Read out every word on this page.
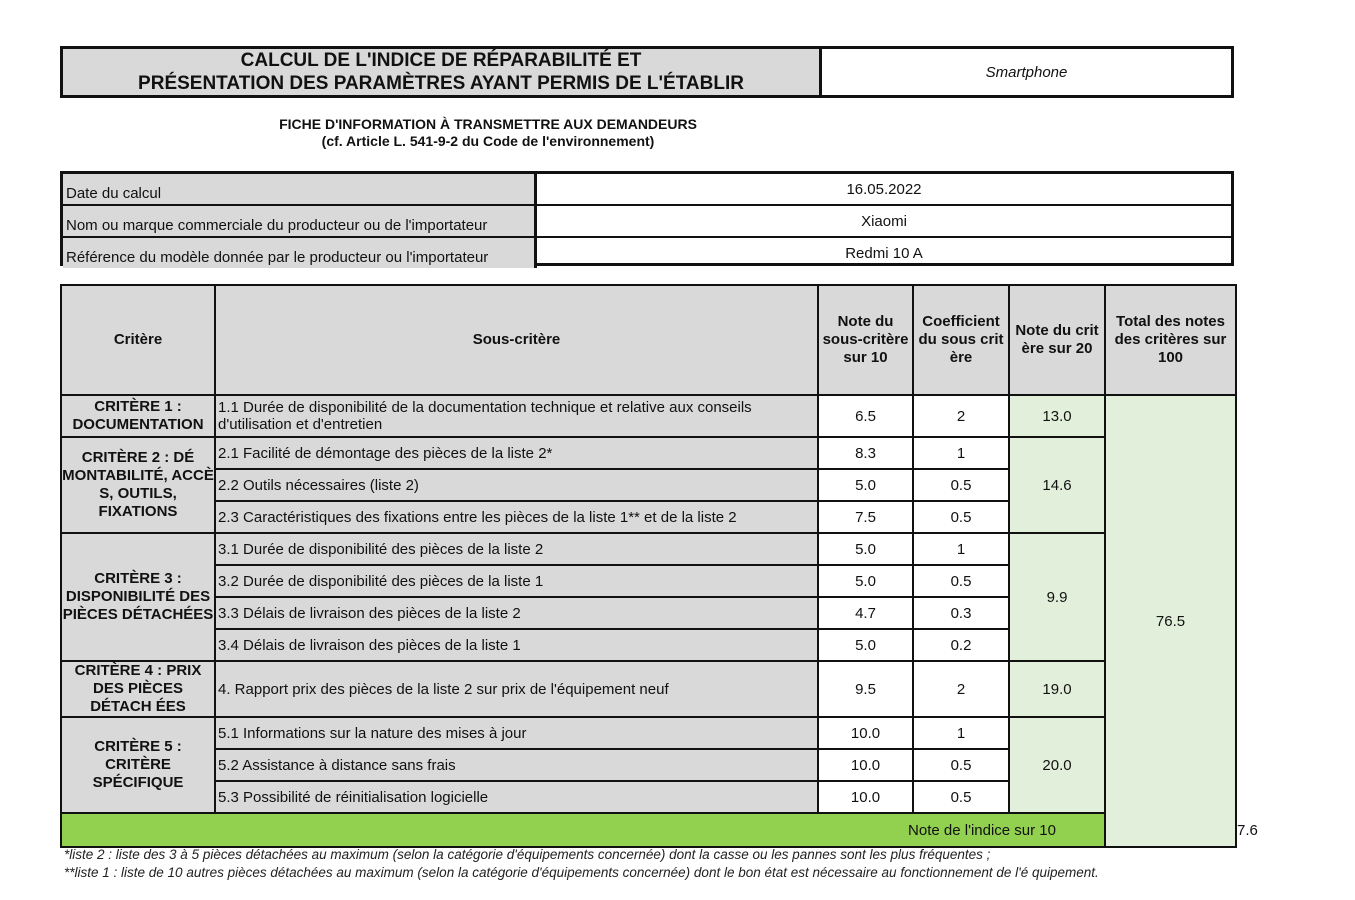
CALCUL DE L'INDICE DE RÉPARABILITÉ ET
PRÉSENTATION DES PARAMÈTRES AYANT PERMIS DE L'ÉTABLIR
Smartphone
FICHE D'INFORMATION À TRANSMETTRE AUX DEMANDEURS
(cf. Article L. 541-9-2 du Code de l'environnement)
Date du calcul	16.05.2022
Nom ou marque commerciale du producteur ou de l'importateur	Xiaomi
Référence du modèle donnée par le producteur ou l'importateur	Redmi 10 A
Critère	Sous-critère	Note du sous-critère sur 10	Coefficient du sous crit ère	Note du crit ère sur 20	Total des notes des critères sur 100	
CRITÈRE 1 : DOCUMENTATION	1.1 Durée de disponibilité de la documentation technique et relative aux conseils d'utilisation et d'entretien	6.5	2	13.0	76.5	
CRITÈRE 2 : DÉ MONTABILITÉ, ACCÈ S, OUTILS, FIXATIONS	2.1 Facilité de démontage des pièces de la liste 2*	8.3	1	14.6		
	2.2 Outils nécessaires (liste 2)	5.0	0.5			
	2.3 Caractéristiques des fixations entre les pièces de la liste 1** et de la liste 2	7.5	0.5			
CRITÈRE 3 : DISPONIBILITÉ DES PIÈCES DÉTACHÉES	3.1 Durée de disponibilité des pièces de la liste 2	5.0	1	9.9		
	3.2 Durée de disponibilité des pièces de la liste 1	5.0	0.5			
	3.3 Délais de livraison des pièces de la liste 2	4.7	0.3			
	3.4 Délais de livraison des pièces de la liste 1	5.0	0.2			
CRITÈRE 4 : PRIX DES PIÈCES DÉTACH ÉES	4. Rapport prix des pièces de la liste 2 sur prix de l'équipement neuf	9.5	2	19.0		
CRITÈRE 5 : CRITÈRE SPÉCIFIQUE	5.1 Informations sur la nature des mises à jour	10.0	1	20.0		
	5.2 Assistance à distance sans frais	10.0	0.5			
	5.3 Possibilité de réinitialisation logicielle	10.0	0.5			
Note de l'indice sur 10						7.6
*liste 2 : liste des 3 à 5 pièces détachées au maximum (selon la catégorie d'équipements concernée) dont la casse ou les pannes sont les plus fréquentes ;
**liste 1 : liste de 10 autres pièces détachées au maximum (selon la catégorie d'équipements concernée) dont le bon état est nécessaire au fonctionnement de l'é quipement.
